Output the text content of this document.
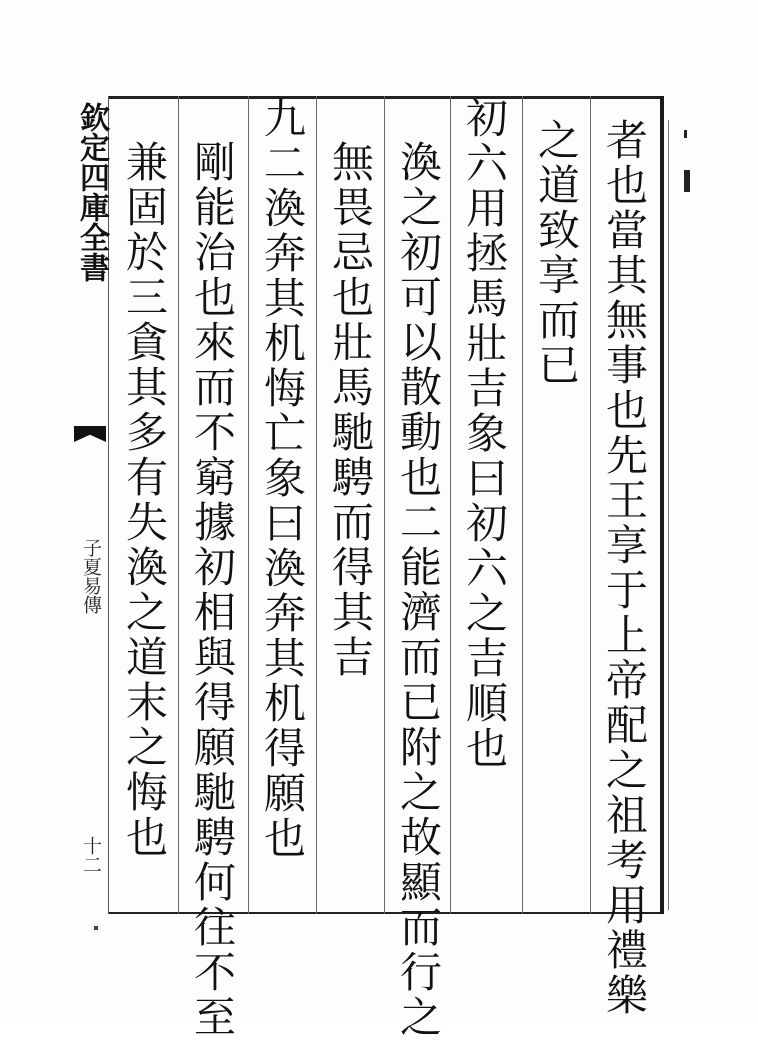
欽定四庫全書
子夏易傳
十二	者也當其無事也先王享于上帝配之祖考用禮樂
之道致享而已
初六用拯馬壯吉象曰初六之吉順也
渙之初可以散動也二能濟而已附之故顯而行之
無畏忌也壯馬馳騁而得其吉
九二渙奔其机悔亡象曰渙奔其机得願也
剛能治也來而不窮據初相與得願馳騁何往不至
兼固於三貪其多有失渙之道末之悔也
